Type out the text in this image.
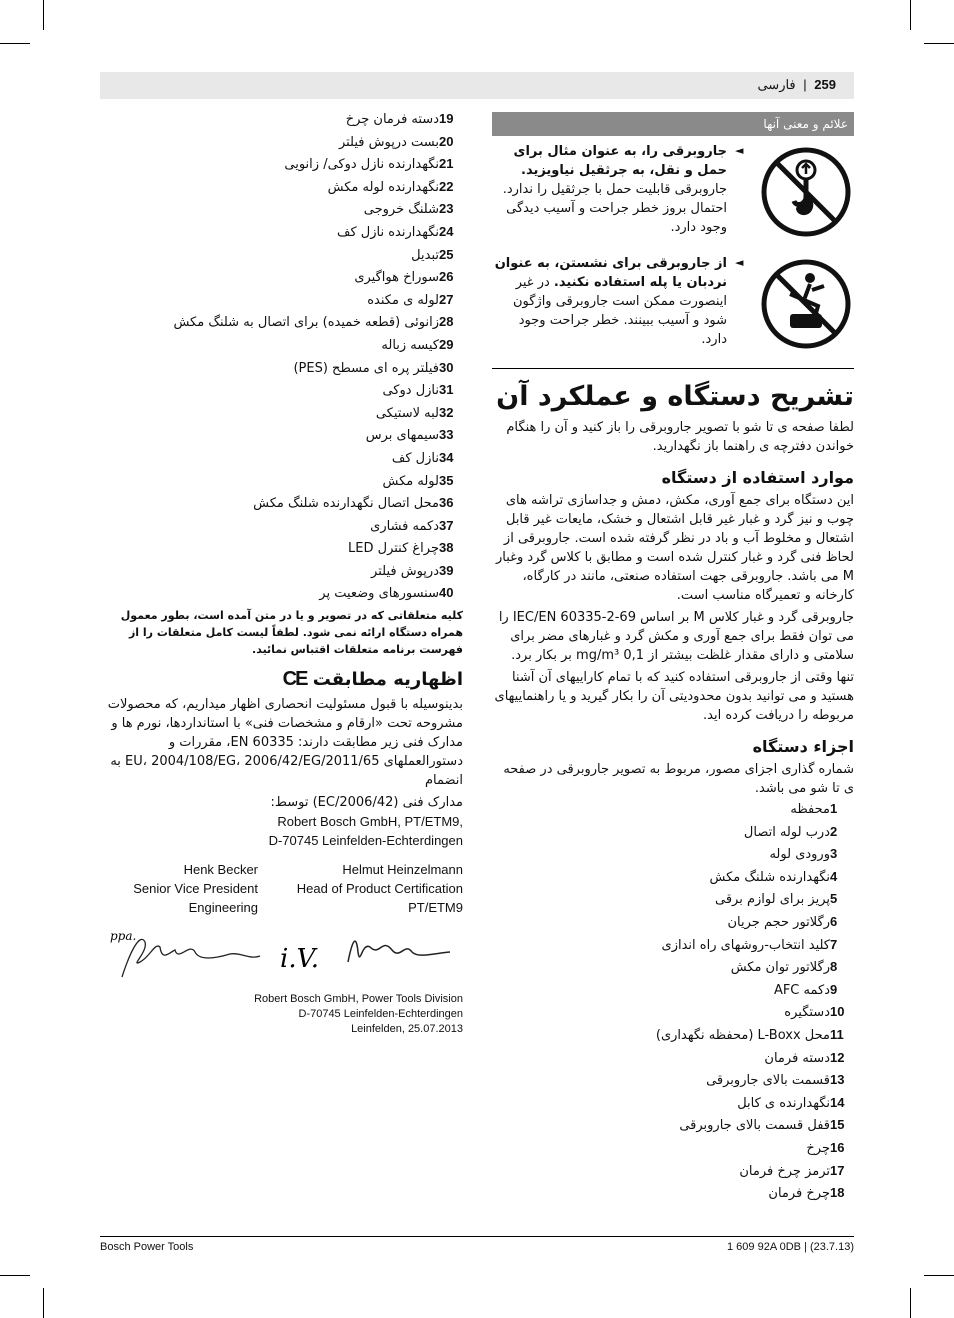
259 | فارسی
19دسته فرمان چرخ
20بست درپوش فیلتر
21نگهدارنده نازل دوکی/ زانویی
22نگهدارنده لوله مکش
23شلنگ خروجی
24نگهدارنده نازل کف
25تبدیل
26سوراخ هواگیری
27لوله ی مکنده
28زانوئی (قطعه خمیده) برای اتصال به شلنگ مکش
29کیسه زباله
30فیلتر پره ای مسطح (PES)
31نازل دوکی
32لبه لاستیکی
33سیمهای برس
34نازل کف
35لوله مکش
36محل اتصال نگهدارنده شلنگ مکش
37دکمه فشاری
38چراغ کنترل LED
39درپوش فیلتر
40سنسورهای وضعیت پر
کلیه متعلقاتی که در تصویر و یا در متن آمده است، بطور معمول همراه دستگاه ارائه نمی شود. لطفاً لیست کامل متعلقات را از فهرست برنامه متعلقات اقتباس نمائید.
اظهاریه مطابقت CE

بدینوسیله با قبول مسئولیت انحصاری اظهار میداریم، که محصولات مشروحه تحت «ارقام و مشخصات فنی» با استانداردها، نورم ها و مدارک فنی زیر مطابقت دارند: EN 60335، مقررات و دستورالعملهای 2011/65/EU، 2004/108/EG، 2006/42/EG به انضمام

مدارک فنی (2006/42/EC) توسط:

Robert Bosch GmbH, PT/ETM9,
D-70745 Leinfelden-Echterdingen
Henk Becker
Senior Vice President
Engineering
Helmut Heinzelmann
Head of Product Certification
PT/ETM9
ppa.
i.V.
Robert Bosch GmbH, Power Tools Division
D-70745 Leinfelden-Echterdingen
Leinfelden, 25.07.2013
علائم و معنی آنها
◄
جاروبرقی را، به عنوان مثال برای حمل و نقل، به جرثقیل نیاویزید. جاروبرقی قابلیت حمل با جرثقیل را ندارد. احتمال بروز خطر جراحت و آسیب دیدگی وجود دارد.
◄
از جاروبرقی برای نشستن، به عنوان نردبان یا پله استفاده نکنید. در غیر اینصورت ممکن است جاروبرقی واژگون شود و آسیب ببینند. خطر جراحت وجود دارد.
تشریح دستگاه و عملکرد آن

لطفا صفحه ی تا شو با تصویر جاروبرقی را باز کنید و آن را هنگام خواندن دفترچه ی راهنما باز نگهدارید.

موارد استفاده از دستگاه

این دستگاه برای جمع آوری، مکش، دمش و جداسازی تراشه های چوب و نیز گرد و غبار غیر قابل اشتعال و خشک، مایعات غیر قابل اشتعال و مخلوط آب و باد در نظر گرفته شده است. جاروبرقی از لحاظ فنی گرد و غبار کنترل شده است و مطابق با کلاس گرد وغبار M می باشد. جاروبرقی جهت استفاده صنعتی، مانند در کارگاه، کارخانه و تعمیرگاه مناسب است.

جاروبرقی گرد و غبار کلاس M بر اساس IEC/EN 60335-2-69 را می توان فقط برای جمع آوری و مکش گرد و غبارهای مضر برای سلامتی و دارای مقدار غلظت بیشتر از 0,1 mg/m³ بر بکار برد.

تنها وقتی از جاروبرقی استفاده کنید که با تمام کاراییهای آن آشنا هستید و می توانید بدون محدودیتی آن را بکار گیرید و یا راهنماییهای مربوطه را دریافت کرده اید.

اجزاء دستگاه

شماره گذاری اجزای مصور، مربوط به تصویر جاروبرقی در صفحه ی تا شو می باشد.

1محفظه
2درب لوله اتصال
3ورودی لوله
4نگهدارنده شلنگ مکش
5پریز برای لوازم برقی
6رگلاتور حجم جریان
7کلید انتخاب-روشهای راه اندازی
8رگلاتور توان مکش
9دکمه AFC
10دستگیره
11محل L-Boxx (محفظه نگهداری)
12دسته فرمان
13قسمت بالای جاروبرقی
14نگهدارنده ی کابل
15قفل قسمت بالای جاروبرقی
16چرخ
17ترمز چرخ فرمان
18چرخ فرمان
Bosch Power Tools	1 609 92A 0DB | (23.7.13)
